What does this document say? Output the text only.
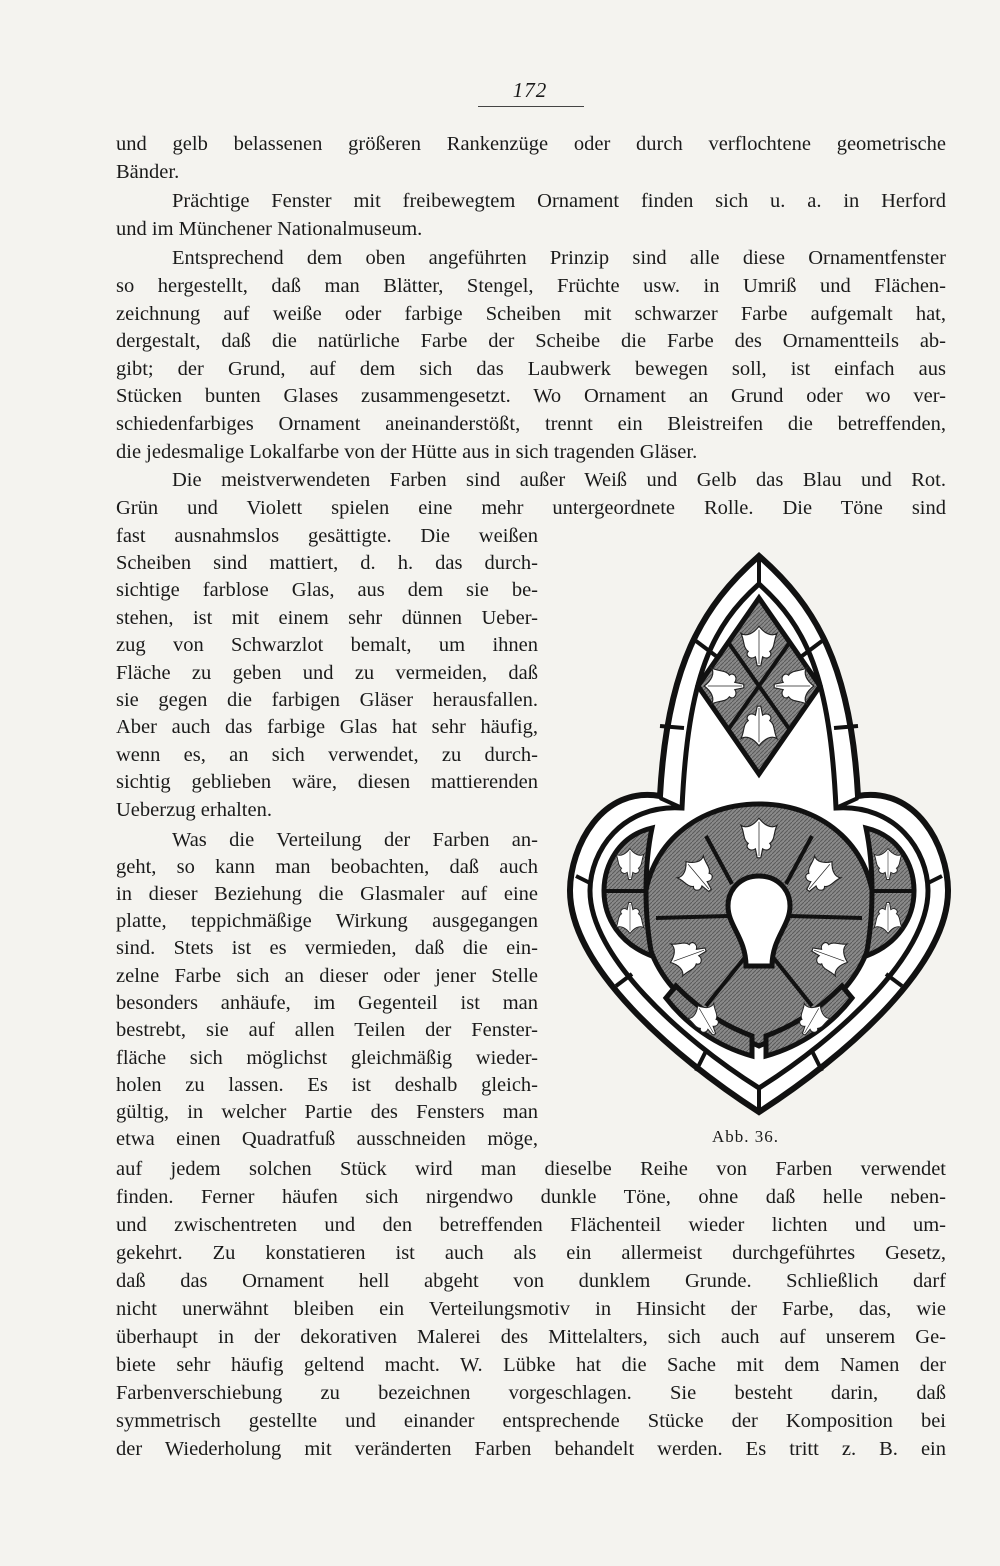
172
und gelb belassenen größeren Rankenzüge oder durch verflochtene geometrische
Bänder.
Prächtige Fenster mit freibewegtem Ornament finden sich u. a. in Herford
und im Münchener Nationalmuseum.
Entsprechend dem oben angeführten Prinzip sind alle diese Ornamentfenster
so hergestellt, daß man Blätter, Stengel, Früchte usw. in Umriß und Flächen-
zeichnung auf weiße oder farbige Scheiben mit schwarzer Farbe aufgemalt hat,
dergestalt, daß die natürliche Farbe der Scheibe die Farbe des Ornamentteils ab-
gibt; der Grund, auf dem sich das Laubwerk bewegen soll, ist einfach aus
Stücken bunten Glases zusammengesetzt. Wo Ornament an Grund oder wo ver-
schiedenfarbiges Ornament aneinanderstößt, trennt ein Bleistreifen die betreffenden,
die jedesmalige Lokalfarbe von der Hütte aus in sich tragenden Gläser.
Die meistverwendeten Farben sind außer Weiß und Gelb das Blau und Rot.
Grün und Violett spielen eine mehr untergeordnete Rolle. Die Töne sind
fast ausnahmslos gesättigte. Die weißen
Scheiben sind mattiert, d. h. das durch-
sichtige farblose Glas, aus dem sie be-
stehen, ist mit einem sehr dünnen Ueber-
zug von Schwarzlot bemalt, um ihnen
Fläche zu geben und zu vermeiden, daß
sie gegen die farbigen Gläser herausfallen.
Aber auch das farbige Glas hat sehr häufig,
wenn es, an sich verwendet, zu durch-
sichtig geblieben wäre, diesen mattierenden
Ueberzug erhalten.
Was die Verteilung der Farben an-
geht, so kann man beobachten, daß auch
in dieser Beziehung die Glasmaler auf eine
platte, teppichmäßige Wirkung ausgegangen
sind. Stets ist es vermieden, daß die ein-
zelne Farbe sich an dieser oder jener Stelle
besonders anhäufe, im Gegenteil ist man
bestrebt, sie auf allen Teilen der Fenster-
fläche sich möglichst gleichmäßig wieder-
holen zu lassen. Es ist deshalb gleich-
gültig, in welcher Partie des Fensters man
etwa einen Quadratfuß ausschneiden möge,
auf jedem solchen Stück wird man dieselbe Reihe von Farben verwendet
finden. Ferner häufen sich nirgendwo dunkle Töne, ohne daß helle neben-
und zwischentreten und den betreffenden Flächenteil wieder lichten und um-
gekehrt. Zu konstatieren ist auch als ein allermeist durchgeführtes Gesetz,
daß das Ornament hell abgeht von dunklem Grunde. Schließlich darf
nicht unerwähnt bleiben ein Verteilungsmotiv in Hinsicht der Farbe, das, wie
überhaupt in der dekorativen Malerei des Mittelalters, sich auch auf unserem Ge-
biete sehr häufig geltend macht. W. Lübke hat die Sache mit dem Namen der
Farbenverschiebung zu bezeichnen vorgeschlagen. Sie besteht darin, daß
symmetrisch gestellte und einander entsprechende Stücke der Komposition bei
der Wiederholung mit veränderten Farben behandelt werden. Es tritt z. B. ein
Abb. 36.
